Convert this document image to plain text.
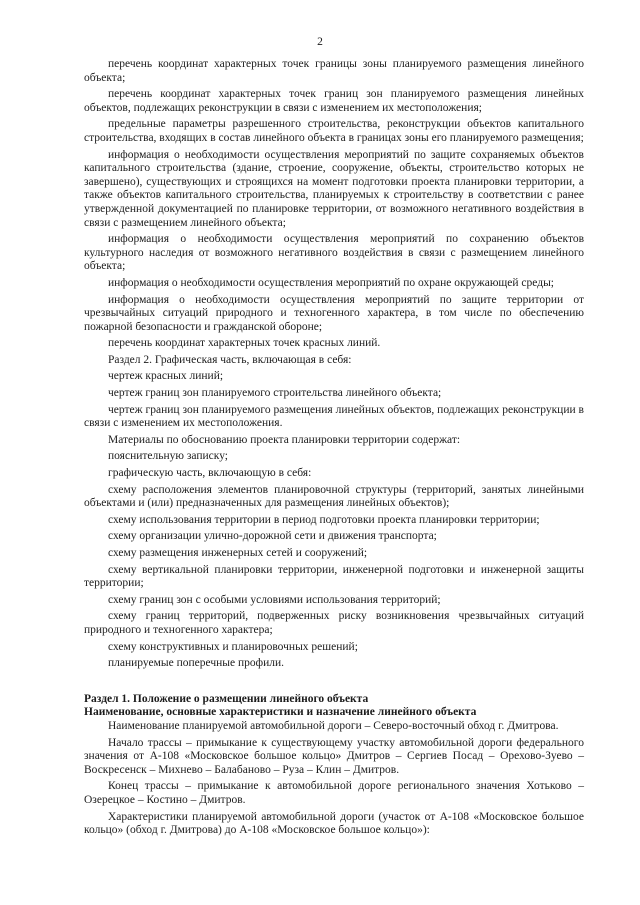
2

перечень координат характерных точек границы зоны планируемого размещения линейного объекта;

перечень координат характерных точек границ зон планируемого размещения линейных объектов, подлежащих реконструкции в связи с изменением их местоположения;

предельные параметры разрешенного строительства, реконструкции объектов капитального строительства, входящих в состав линейного объекта в границах зоны его планируемого размещения;

информация о необходимости осуществления мероприятий по защите сохраняемых объектов капитального строительства (здание, строение, сооружение, объекты, строительство которых не завершено), существующих и строящихся на момент подготовки проекта планировки территории, а также объектов капитального строительства, планируемых к строительству в соответствии с ранее утвержденной документацией по планировке территории, от возможного негативного воздействия в связи с размещением линейного объекта;

информация о необходимости осуществления мероприятий по сохранению объектов культурного наследия от возможного негативного воздействия в связи с размещением линейного объекта;

информация о необходимости осуществления мероприятий по охране окружающей среды;

информация о необходимости осуществления мероприятий по защите территории от чрезвычайных ситуаций природного и техногенного характера, в том числе по обеспечению пожарной безопасности и гражданской обороне;

перечень координат характерных точек красных линий.

Раздел 2. Графическая часть, включающая в себя:

чертеж красных линий;

чертеж границ зон планируемого строительства линейного объекта;

чертеж границ зон планируемого размещения линейных объектов, подлежащих реконструкции в связи с изменением их местоположения.

Материалы по обоснованию проекта планировки территории содержат:

пояснительную записку;

графическую часть, включающую в себя:

схему расположения элементов планировочной структуры (территорий, занятых линейными объектами и (или) предназначенных для размещения линейных объектов);

схему использования территории в период подготовки проекта планировки территории;

схему организации улично-дорожной сети и движения транспорта;

схему размещения инженерных сетей и сооружений;

схему вертикальной планировки территории, инженерной подготовки и инженерной защиты территории;

схему границ зон с особыми условиями использования территорий;

схему границ территорий, подверженных риску возникновения чрезвычайных ситуаций природного и техногенного характера;

схему конструктивных и планировочных решений;

планируемые поперечные профили.

Раздел 1. Положение о размещении линейного объекта

Наименование, основные характеристики и назначение линейного объекта

Наименование планируемой автомобильной дороги – Северо-восточный обход г. Дмитрова.

Начало трассы – примыкание к существующему участку автомобильной дороги федерального значения от А-108 «Московское большое кольцо» Дмитров – Сергиев Посад – Орехово-Зуево – Воскресенск – Михнево – Балабаново – Руза – Клин – Дмитров.

Конец трассы – примыкание к автомобильной дороге регионального значения Хотьково – Озерецкое – Костино – Дмитров.

Характеристики планируемой автомобильной дороги (участок от А-108 «Московское большое кольцо» (обход г. Дмитрова) до А-108 «Московское большое кольцо»):
